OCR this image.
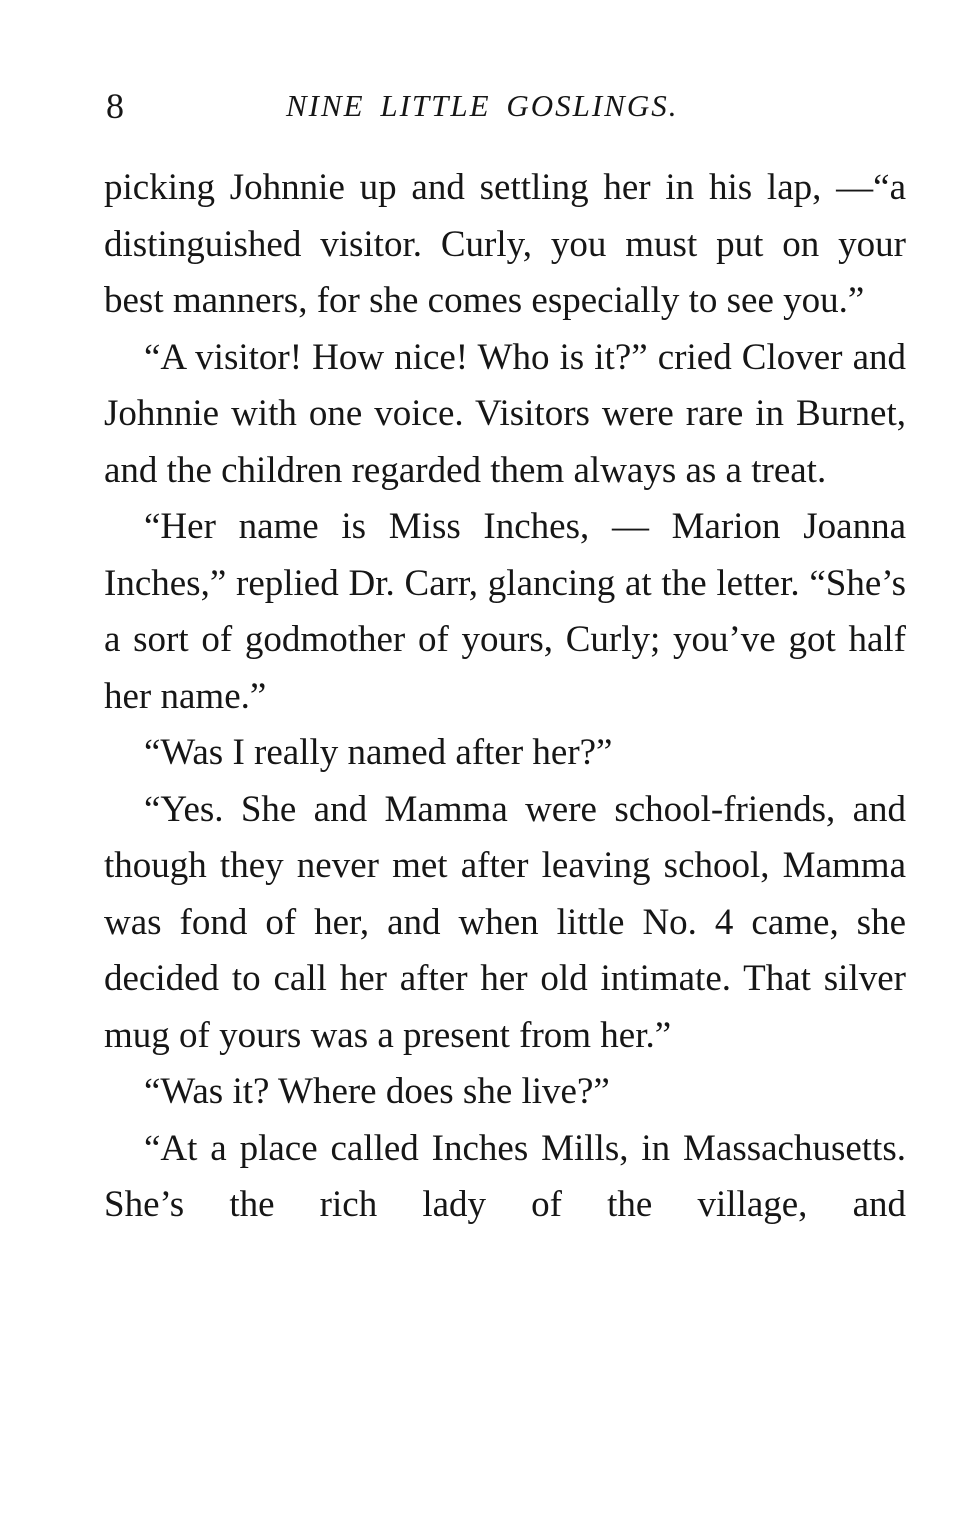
8	NINE LITTLE GOSLINGS.

picking Johnnie up and settling her in his lap, —“a distinguished visitor. Curly, you must put on your best manners, for she comes especially to see you.”

“A visitor! How nice! Who is it?” cried Clover and Johnnie with one voice. Visitors were rare in Burnet, and the children regarded them always as a treat.

“Her name is Miss Inches, — Marion Joanna Inches,” replied Dr. Carr, glancing at the letter. “She’s a sort of godmother of yours, Curly; you’ve got half her name.”

“Was I really named after her?”

“Yes. She and Mamma were school-friends, and though they never met after leaving school, Mamma was fond of her, and when little No. 4 came, she decided to call her after her old intimate. That silver mug of yours was a present from her.”

“Was it? Where does she live?”

“At a place called Inches Mills, in Massachusetts. She’s the rich lady of the village, and
